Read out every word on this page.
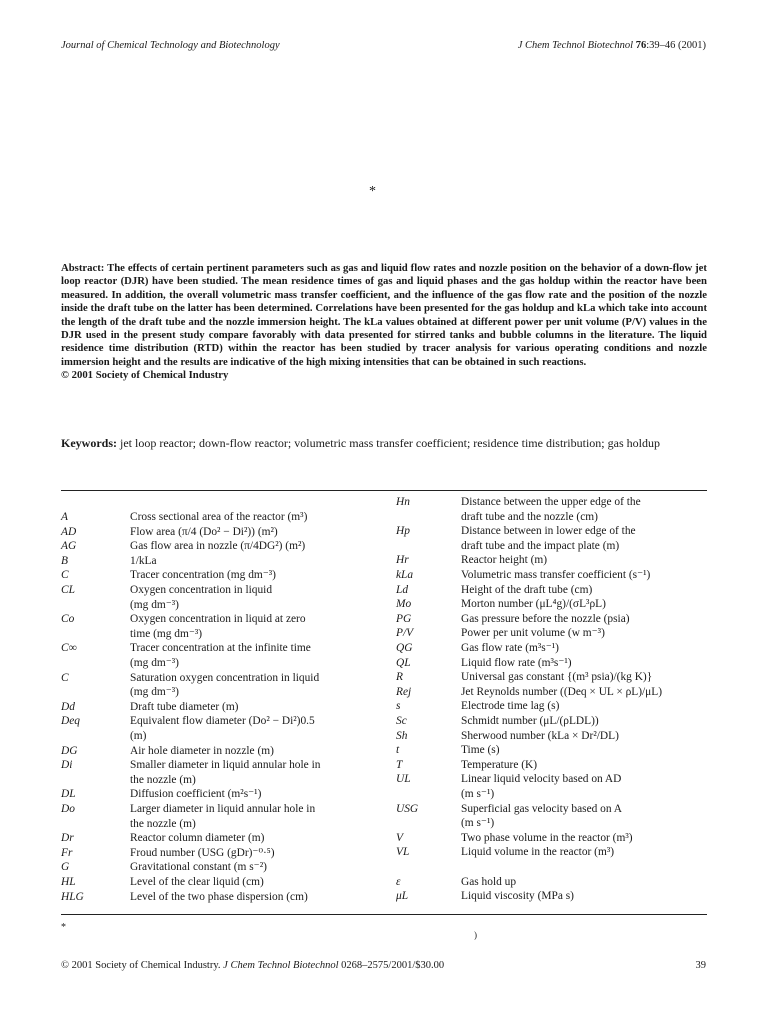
Journal of Chemical Technology and Biotechnology	J Chem Technol Biotechnol 76:39–46 (2001)
*
Abstract: The effects of certain pertinent parameters such as gas and liquid flow rates and nozzle position on the behavior of a down-flow jet loop reactor (DJR) have been studied. The mean residence times of gas and liquid phases and the gas holdup within the reactor have been measured. In addition, the overall volumetric mass transfer coefficient, and the influence of the gas flow rate and the position of the nozzle inside the draft tube on the latter has been determined. Correlations have been presented for the gas holdup and kLa which take into account the length of the draft tube and the nozzle immersion height. The kLa values obtained at different power per unit volume (P/V) values in the DJR used in the present study compare favorably with data presented for stirred tanks and bubble columns in the literature. The liquid residence time distribution (RTD) within the reactor has been studied by tracer analysis for various operating conditions and nozzle immersion height and the results are indicative of the high mixing intensities that can be obtained in such reactions.
© 2001 Society of Chemical Industry
Keywords: jet loop reactor; down-flow reactor; volumetric mass transfer coefficient; residence time distribution; gas holdup
A	Cross sectional area of the reactor (m³)
AD	Flow area (π/4 (Do² − Di²)) (m²)
AG	Gas flow area in nozzle (π/4DG²) (m²)
B	1/kLa
C	Tracer concentration (mg dm⁻³)
CL	Oxygen concentration in liquid
(mg dm⁻³)
Co	Oxygen concentration in liquid at zero
time (mg dm⁻³)
C∞	Tracer concentration at the infinite time
(mg dm⁻³)
C	Saturation oxygen concentration in liquid
(mg dm⁻³)
Dd	Draft tube diameter (m)
Deq	Equivalent flow diameter (Do² − Di²)0.5
(m)
DG	Air hole diameter in nozzle (m)
Di	Smaller diameter in liquid annular hole in
the nozzle (m)
DL	Diffusion coefficient (m²s⁻¹)
Do	Larger diameter in liquid annular hole in
the nozzle (m)
Dr	Reactor column diameter (m)
Fr	Froud number (USG (gDr)⁻⁰·⁵)
G	Gravitational constant (m s⁻²)
HL	Level of the clear liquid (cm)
HLG	Level of the two phase dispersion (cm)
Hn	Distance between the upper edge of the
draft tube and the nozzle (cm)
Hp	Distance between in lower edge of the
draft tube and the impact plate (m)
Hr	Reactor height (m)
kLa	Volumetric mass transfer coefficient (s⁻¹)
Ld	Height of the draft tube (cm)
Mo	Morton number (μL⁴g)/(σL³ρL)
PG	Gas pressure before the nozzle (psia)
P/V	Power per unit volume (w m⁻³)
QG	Gas flow rate (m³s⁻¹)
QL	Liquid flow rate (m³s⁻¹)
R	Universal gas constant {(m³ psia)/(kg K)}
Rej	Jet Reynolds number ((Deq × UL × ρL)/μL)
s	Electrode time lag (s)
Sc	Schmidt number (μL/(ρLDL))
Sh	Sherwood number (kLa × Dr²/DL)
t	Time (s)
T	Temperature (K)
UL	Linear liquid velocity based on AD
(m s⁻¹)
USG	Superficial gas velocity based on A
(m s⁻¹)
V	Two phase volume in the reactor (m³)
VL	Liquid volume in the reactor (m³)
ε	Gas hold up
μL	Liquid viscosity (MPa s)
*
)
© 2001 Society of Chemical Industry. J Chem Technol Biotechnol 0268–2575/2001/$30.00	39
